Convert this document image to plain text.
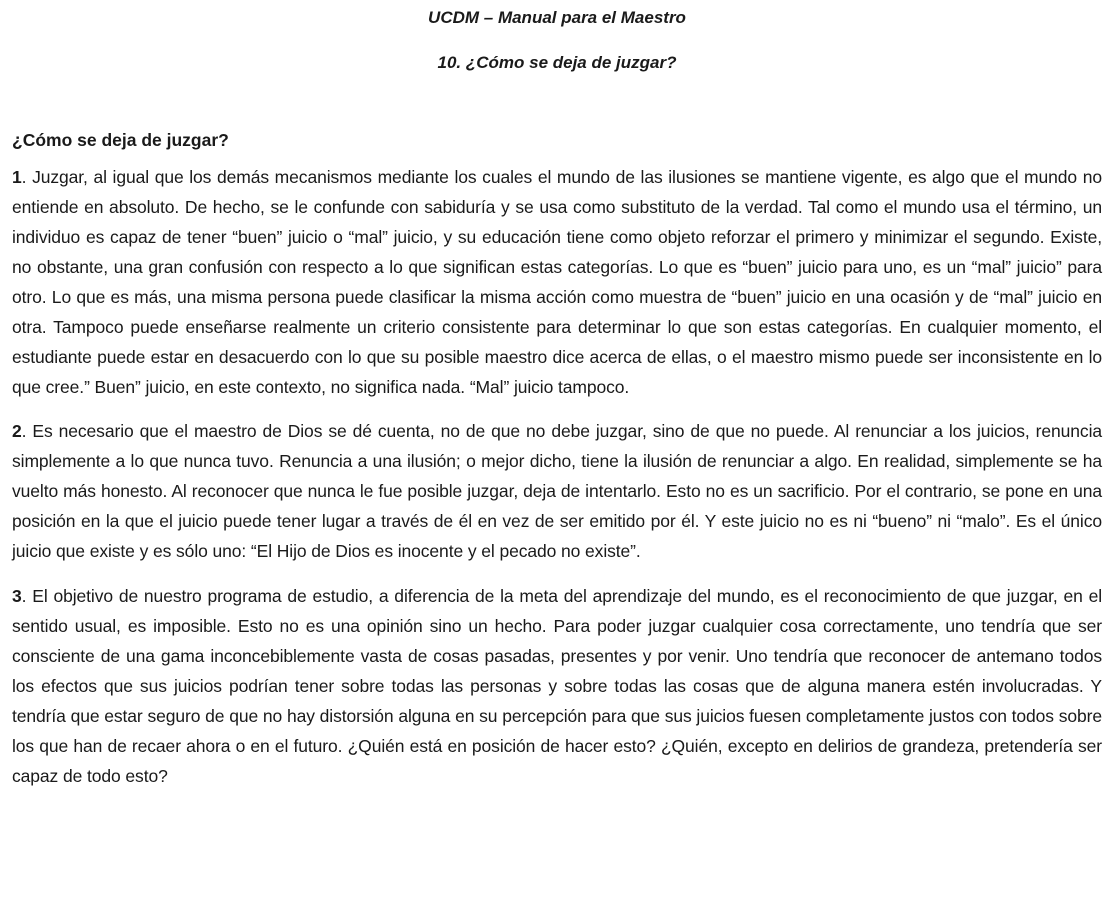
UCDM – Manual para el Maestro
10. ¿Cómo se deja de juzgar?
¿Cómo se deja de juzgar?

1. Juzgar, al igual que los demás mecanismos mediante los cuales el mundo de las ilusiones se mantiene vigente, es algo que el mundo no entiende en absoluto. De hecho, se le confunde con sabiduría y se usa como substituto de la verdad. Tal como el mundo usa el término, un individuo es capaz de tener “buen” juicio o “mal” juicio, y su educación tiene como objeto reforzar el primero y minimizar el segundo. Existe, no obstante, una gran confusión con respecto a lo que significan estas categorías. Lo que es “buen” juicio para uno, es un “mal” juicio” para otro. Lo que es más, una misma persona puede clasificar la misma acción como muestra de “buen” juicio en una ocasión y de “mal” juicio en otra. Tampoco puede enseñarse realmente un criterio consistente para determinar lo que son estas categorías. En cualquier momento, el estudiante puede estar en desacuerdo con lo que su posible maestro dice acerca de ellas, o el maestro mismo puede ser inconsistente en lo que cree.” Buen” juicio, en este contexto, no significa nada. “Mal” juicio tampoco.

2. Es necesario que el maestro de Dios se dé cuenta, no de que no debe juzgar, sino de que no puede. Al renunciar a los juicios, renuncia simplemente a lo que nunca tuvo. Renuncia a una ilusión; o mejor dicho, tiene la ilusión de renunciar a algo. En realidad, simplemente se ha vuelto más honesto. Al reconocer que nunca le fue posible juzgar, deja de intentarlo. Esto no es un sacrificio. Por el contrario, se pone en una posición en la que el juicio puede tener lugar a través de él en vez de ser emitido por él. Y este juicio no es ni “bueno” ni “malo”. Es el único juicio que existe y es sólo uno: “El Hijo de Dios es inocente y el pecado no existe”.

3. El objetivo de nuestro programa de estudio, a diferencia de la meta del aprendizaje del mundo, es el reconocimiento de que juzgar, en el sentido usual, es imposible. Esto no es una opinión sino un hecho. Para poder juzgar cualquier cosa correctamente, uno tendría que ser consciente de una gama inconcebiblemente vasta de cosas pasadas, presentes y por venir. Uno tendría que reconocer de antemano todos los efectos que sus juicios podrían tener sobre todas las personas y sobre todas las cosas que de alguna manera estén involucradas. Y tendría que estar seguro de que no hay distorsión alguna en su percepción para que sus juicios fuesen completamente justos con todos sobre los que han de recaer ahora o en el futuro. ¿Quién está en posición de hacer esto? ¿Quién, excepto en delirios de grandeza, pretendería ser capaz de todo esto?
